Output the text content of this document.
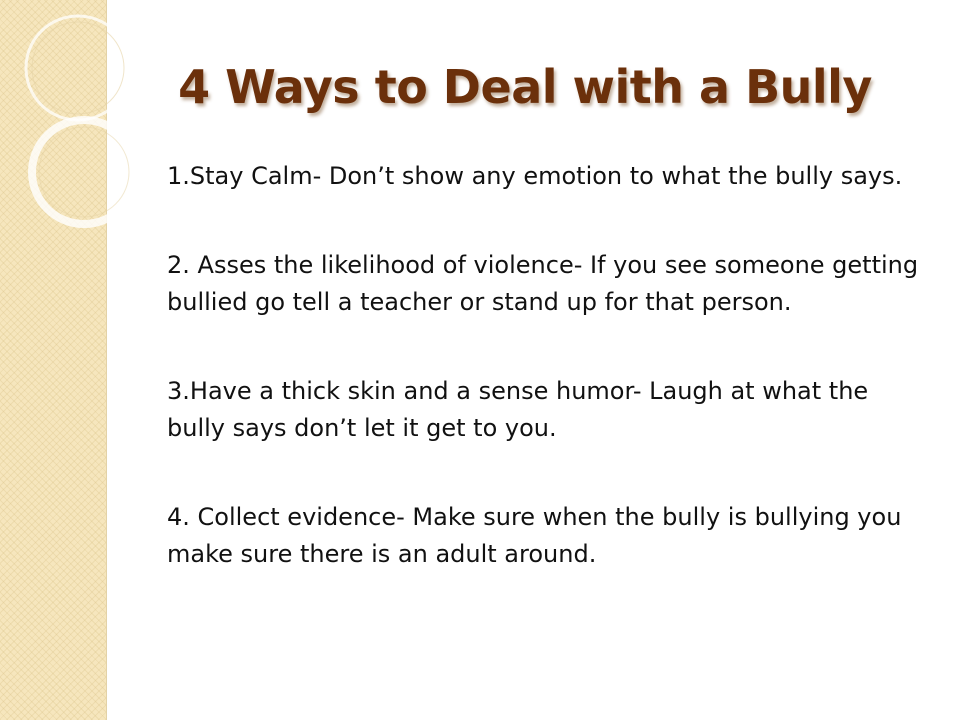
4 Ways to Deal with a Bully

1.Stay Calm- Don’t show any emotion to what the bully says.

2. Asses the likelihood of violence- If you see someone getting bullied go tell a teacher or stand up for that person.

3.Have a thick skin and a sense humor- Laugh at what the bully says don’t let it get to you.

4. Collect evidence- Make sure when the bully is bullying you make sure there is an adult around.
